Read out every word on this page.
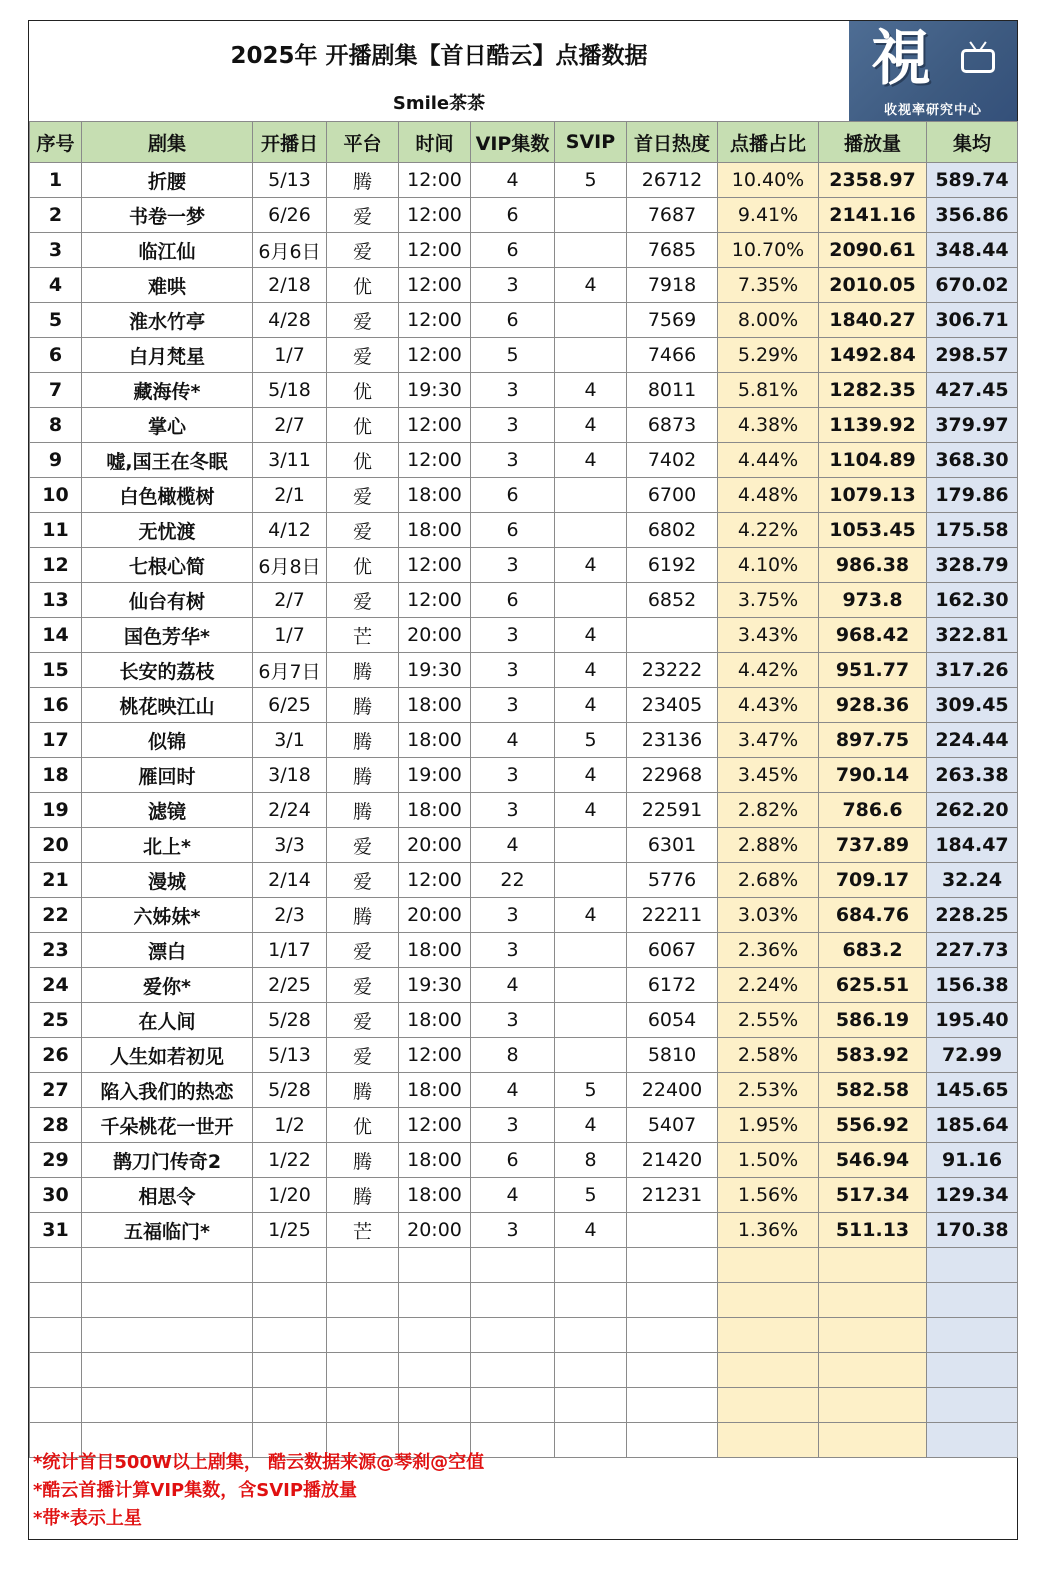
2025年 开播剧集【首日酷云】点播数据
Smile茶茶
視
收视率研究中心
序号	剧集	开播日	平台	时间	VIP集数	SVIP	首日热度	点播占比	播放量	集均
1	折腰	5/13	腾	12:00	4	5	26712	10.40%	2358.97	589.74
2	书卷一梦	6/26	爱	12:00	6		7687	9.41%	2141.16	356.86
3	临江仙	6月6日	爱	12:00	6		7685	10.70%	2090.61	348.44
4	难哄	2/18	优	12:00	3	4	7918	7.35%	2010.05	670.02
5	淮水竹亭	4/28	爱	12:00	6		7569	8.00%	1840.27	306.71
6	白月梵星	1/7	爱	12:00	5		7466	5.29%	1492.84	298.57
7	藏海传*	5/18	优	19:30	3	4	8011	5.81%	1282.35	427.45
8	掌心	2/7	优	12:00	3	4	6873	4.38%	1139.92	379.97
9	嘘,国王在冬眠	3/11	优	12:00	3	4	7402	4.44%	1104.89	368.30
10	白色橄榄树	2/1	爱	18:00	6		6700	4.48%	1079.13	179.86
11	无忧渡	4/12	爱	18:00	6		6802	4.22%	1053.45	175.58
12	七根心简	6月8日	优	12:00	3	4	6192	4.10%	986.38	328.79
13	仙台有树	2/7	爱	12:00	6		6852	3.75%	973.8	162.30
14	国色芳华*	1/7	芒	20:00	3	4		3.43%	968.42	322.81
15	长安的荔枝	6月7日	腾	19:30	3	4	23222	4.42%	951.77	317.26
16	桃花映江山	6/25	腾	18:00	3	4	23405	4.43%	928.36	309.45
17	似锦	3/1	腾	18:00	4	5	23136	3.47%	897.75	224.44
18	雁回时	3/18	腾	19:00	3	4	22968	3.45%	790.14	263.38
19	滤镜	2/24	腾	18:00	3	4	22591	2.82%	786.6	262.20
20	北上*	3/3	爱	20:00	4		6301	2.88%	737.89	184.47
21	漫城	2/14	爱	12:00	22		5776	2.68%	709.17	32.24
22	六姊妹*	2/3	腾	20:00	3	4	22211	3.03%	684.76	228.25
23	漂白	1/17	爱	18:00	3		6067	2.36%	683.2	227.73
24	爱你*	2/25	爱	19:30	4		6172	2.24%	625.51	156.38
25	在人间	5/28	爱	18:00	3		6054	2.55%	586.19	195.40
26	人生如若初见	5/13	爱	12:00	8		5810	2.58%	583.92	72.99
27	陷入我们的热恋	5/28	腾	18:00	4	5	22400	2.53%	582.58	145.65
28	千朵桃花一世开	1/2	优	12:00	3	4	5407	1.95%	556.92	185.64
29	鹊刀门传奇2	1/22	腾	18:00	6	8	21420	1.50%	546.94	91.16
30	相思令	1/20	腾	18:00	4	5	21231	1.56%	517.34	129.34
31	五福临门*	1/25	芒	20:00	3	4		1.36%	511.13	170.38

*统计首日500W以上剧集， 酷云数据来源@琴刹@空值
*酷云首播计算VIP集数，含SVIP播放量
*带*表示上星
